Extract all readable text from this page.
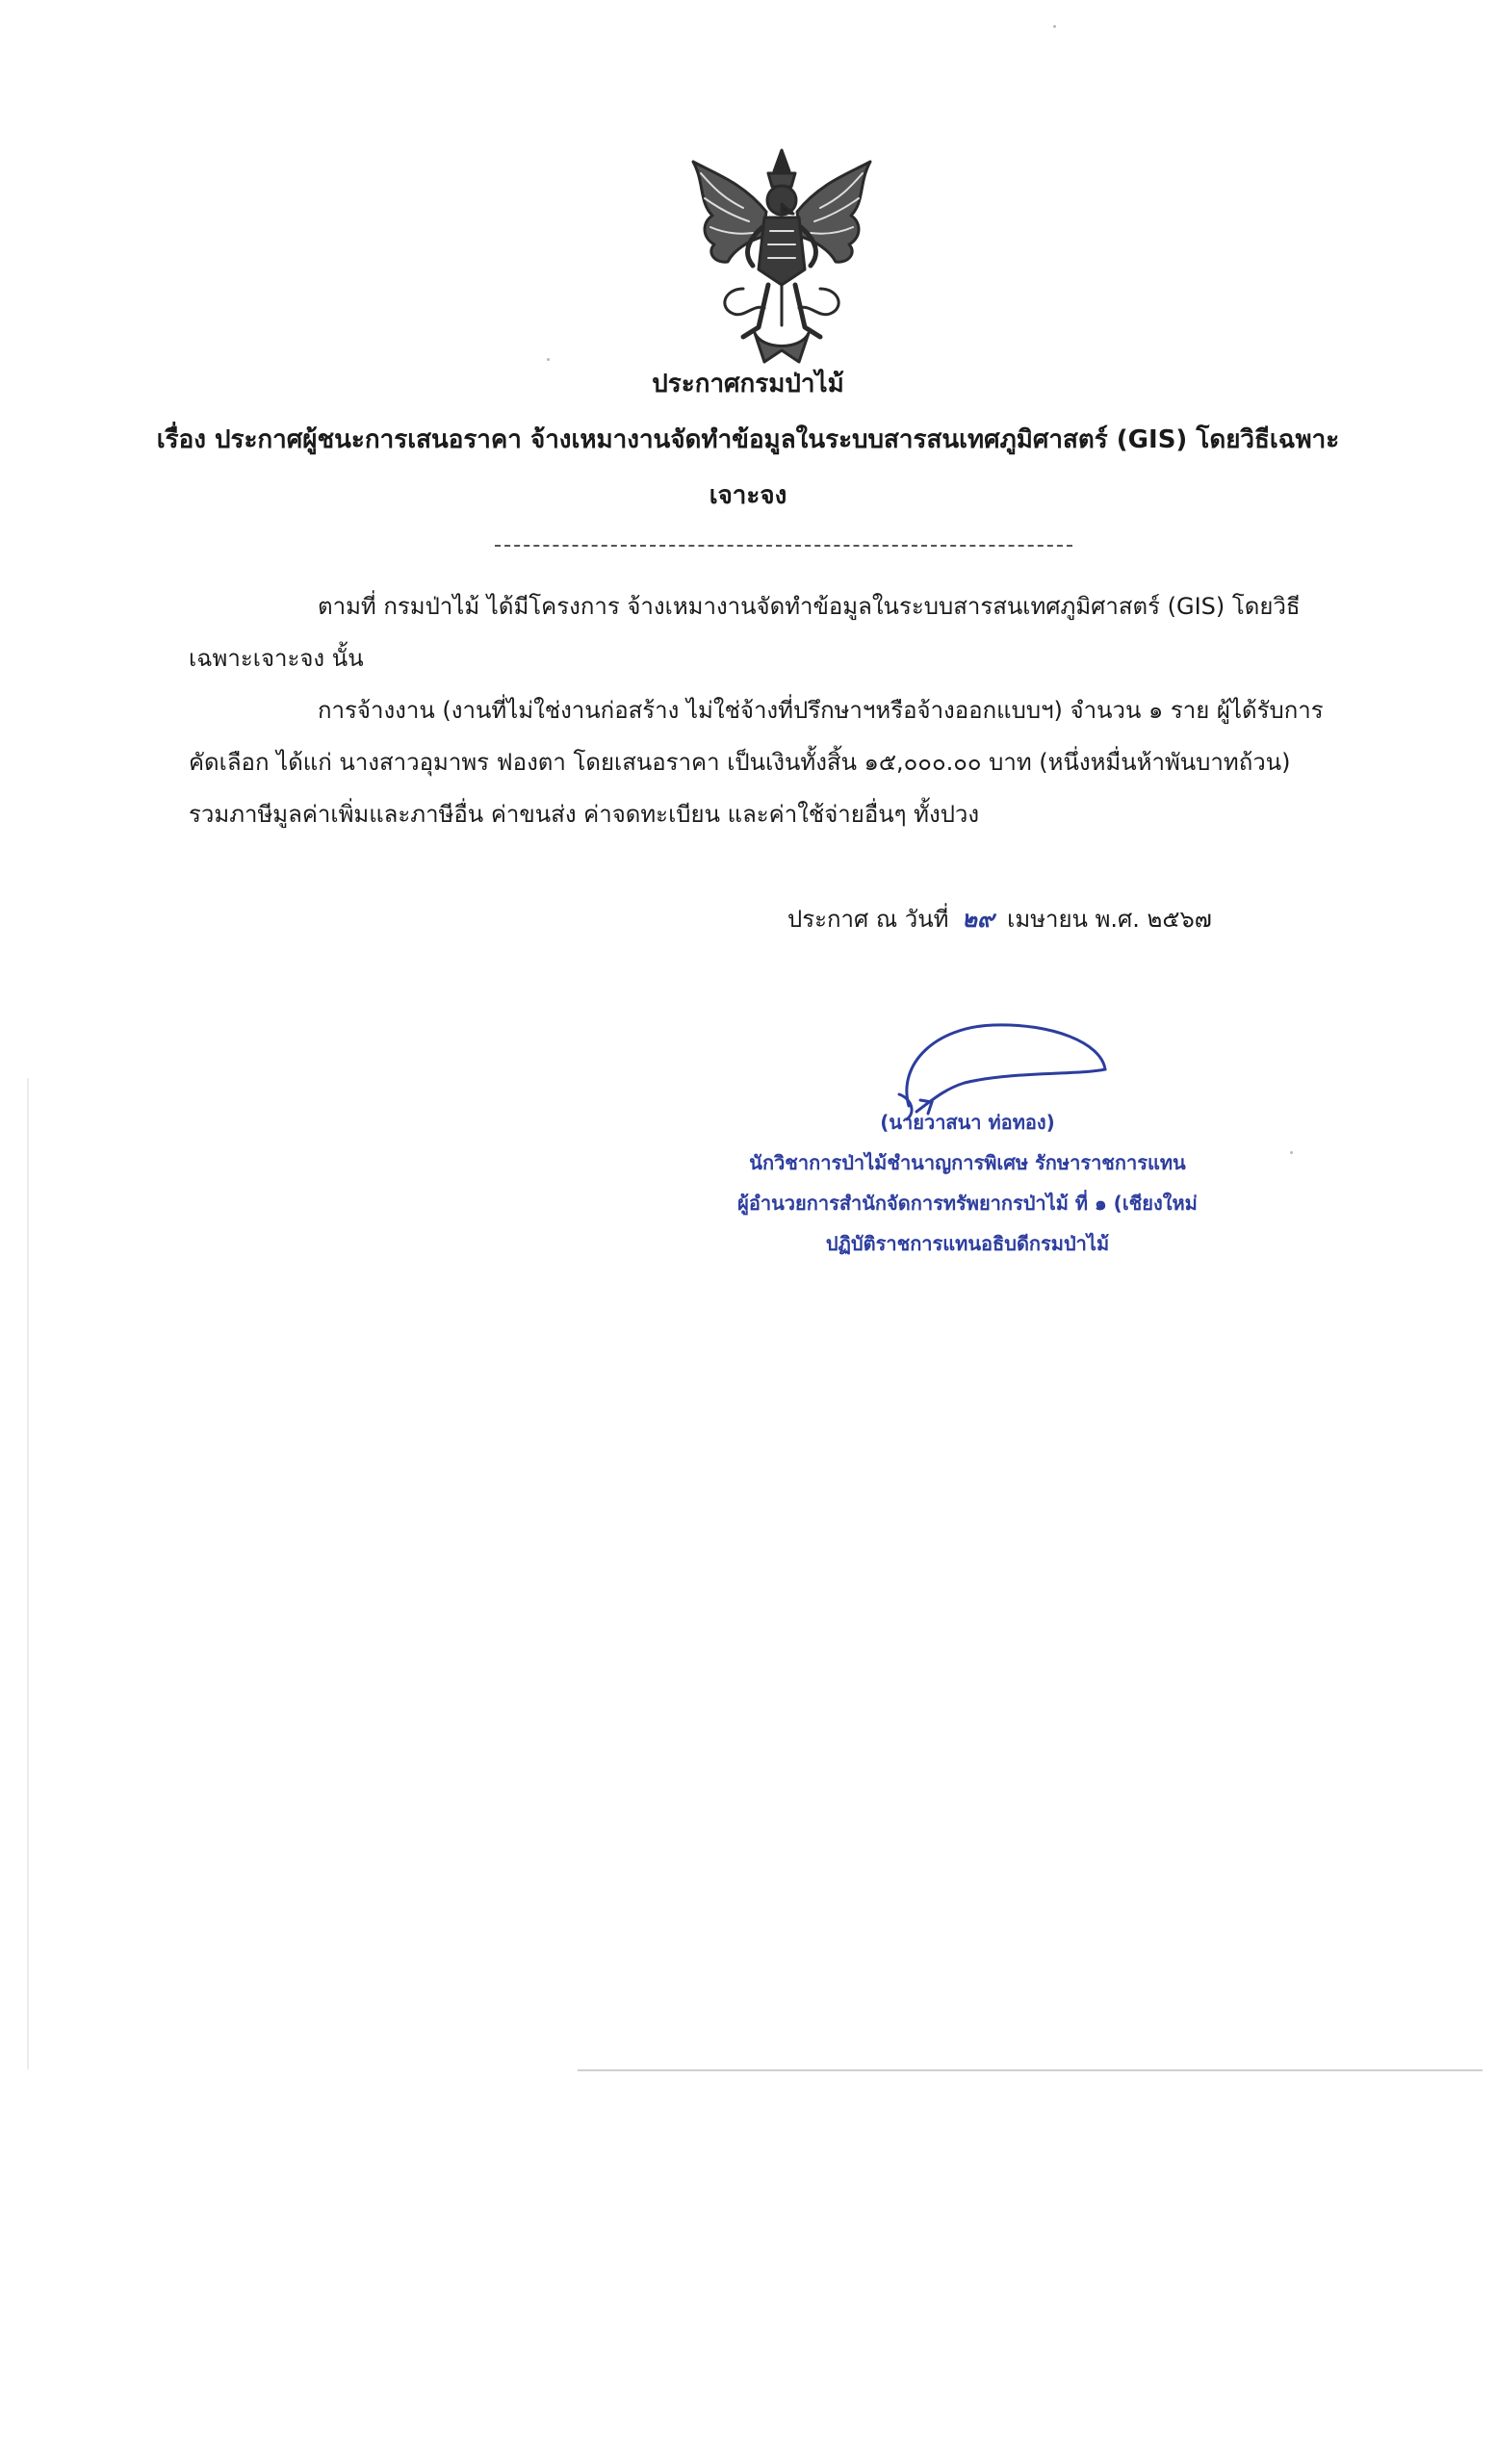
ประกาศกรมป่าไม้
เรื่อง ประกาศผู้ชนะการเสนอราคา จ้างเหมางานจัดทำข้อมูลในระบบสารสนเทศภูมิศาสตร์ (GIS) โดยวิธีเฉพาะ
เจาะจง
ตามที่ กรมป่าไม้ ได้มีโครงการ จ้างเหมางานจัดทำข้อมูลในระบบสารสนเทศภูมิศาสตร์ (GIS) โดยวิธี
เฉพาะเจาะจง นั้น
การจ้างงาน (งานที่ไม่ใช่งานก่อสร้าง ไม่ใช่จ้างที่ปรึกษาฯหรือจ้างออกแบบฯ) จำนวน ๑ ราย ผู้ได้รับการ
คัดเลือก ได้แก่ นางสาวอุมาพร ฟองตา โดยเสนอราคา เป็นเงินทั้งสิ้น ๑๕,๐๐๐.๐๐ บาท (หนึ่งหมื่นห้าพันบาทถ้วน)
รวมภาษีมูลค่าเพิ่มและภาษีอื่น ค่าขนส่ง ค่าจดทะเบียน และค่าใช้จ่ายอื่นๆ ทั้งปวง
ประกาศ ณ วันที่ ๒๙ เมษายน พ.ศ. ๒๕๖๗
(นายวาสนา ท่อทอง)
นักวิชาการป่าไม้ชำนาญการพิเศษ รักษาราชการแทน
ผู้อำนวยการสำนักจัดการทรัพยากรป่าไม้ ที่ ๑ (เชียงใหม่
ปฏิบัติราชการแทนอธิบดีกรมป่าไม้
